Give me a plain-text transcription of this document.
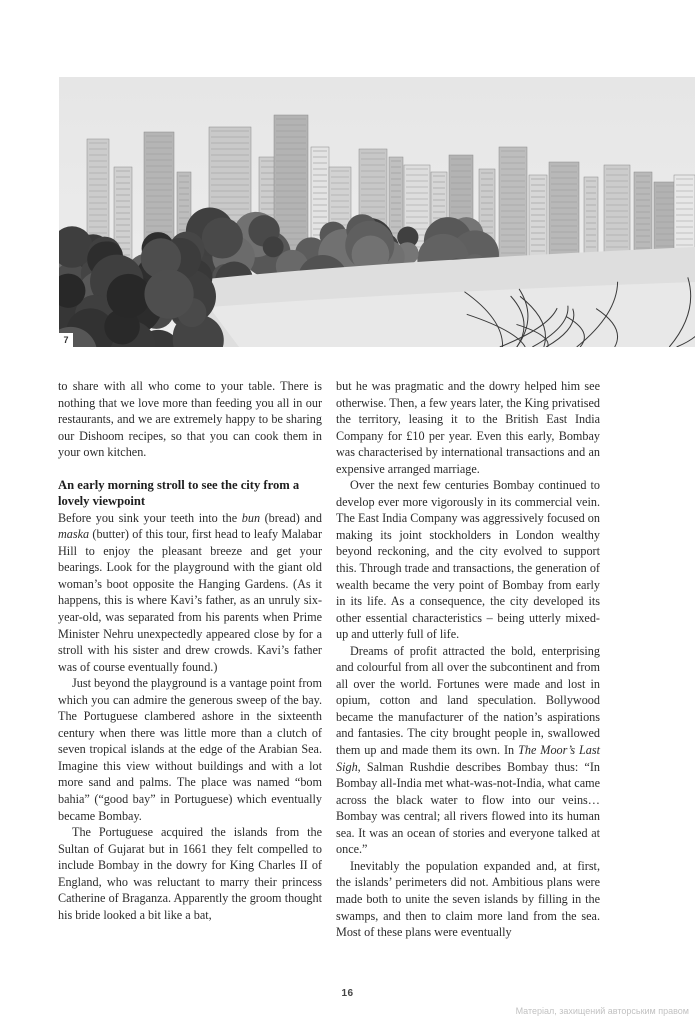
7

to share with all who come to your table. There is nothing that we love more than feeding you all in our restaurants, and we are extremely happy to be sharing our Dishoom recipes, so that you can cook them in your own kitchen.

An early morning stroll to see the city from a lovely viewpoint

Before you sink your teeth into the bun (bread) and maska (butter) of this tour, first head to leafy Malabar Hill to enjoy the pleasant breeze and get your bearings. Look for the playground with the giant old woman’s boot opposite the Hanging Gardens. (As it happens, this is where Kavi’s father, as an unruly six-year-old, was separated from his parents when Prime Minister Nehru unexpectedly appeared close by for a stroll with his sister and drew crowds. Kavi’s father was of course eventually found.)

Just beyond the playground is a vantage point from which you can admire the generous sweep of the bay. The Portuguese clambered ashore in the sixteenth century when there was little more than a clutch of seven tropical islands at the edge of the Arabian Sea. Imagine this view without buildings and with a lot more sand and palms. The place was named “bom bahia” (“good bay” in Portuguese) which eventually became Bombay.

The Portuguese acquired the islands from the Sultan of Gujarat but in 1661 they felt compelled to include Bombay in the dowry for King Charles II of England, who was reluctant to marry their princess Catherine of Braganza. Apparently the groom thought his bride looked a bit like a bat,

but he was pragmatic and the dowry helped him see otherwise. Then, a few years later, the King privatised the territory, leasing it to the British East India Company for £10 per year. Even this early, Bombay was characterised by international transactions and an expensive arranged marriage.

Over the next few centuries Bombay continued to develop ever more vigorously in its commercial vein. The East India Company was aggressively focused on making its joint stockholders in London wealthy beyond reckoning, and the city evolved to support this. Through trade and transactions, the generation of wealth became the very point of Bombay from early in its life. As a consequence, the city developed its other essential characteristics – being utterly mixed-up and utterly full of life.

Dreams of profit attracted the bold, enterprising and colourful from all over the subcontinent and from all over the world. Fortunes were made and lost in opium, cotton and land speculation. Bollywood became the manufacturer of the nation’s aspirations and fantasies. The city brought people in, swallowed them up and made them its own. In The Moor’s Last Sigh, Salman Rushdie describes Bombay thus: “In Bombay all-India met what-was-not-India, what came across the black water to flow into our veins… Bombay was central; all rivers flowed into its human sea. It was an ocean of stories and everyone talked at once.”

Inevitably the population expanded and, at first, the islands’ perimeters did not. Ambitious plans were made both to unite the seven islands by filling in the swamps, and then to claim more land from the sea. Most of these plans were eventually

16
Матеріал, захищений авторським правом
